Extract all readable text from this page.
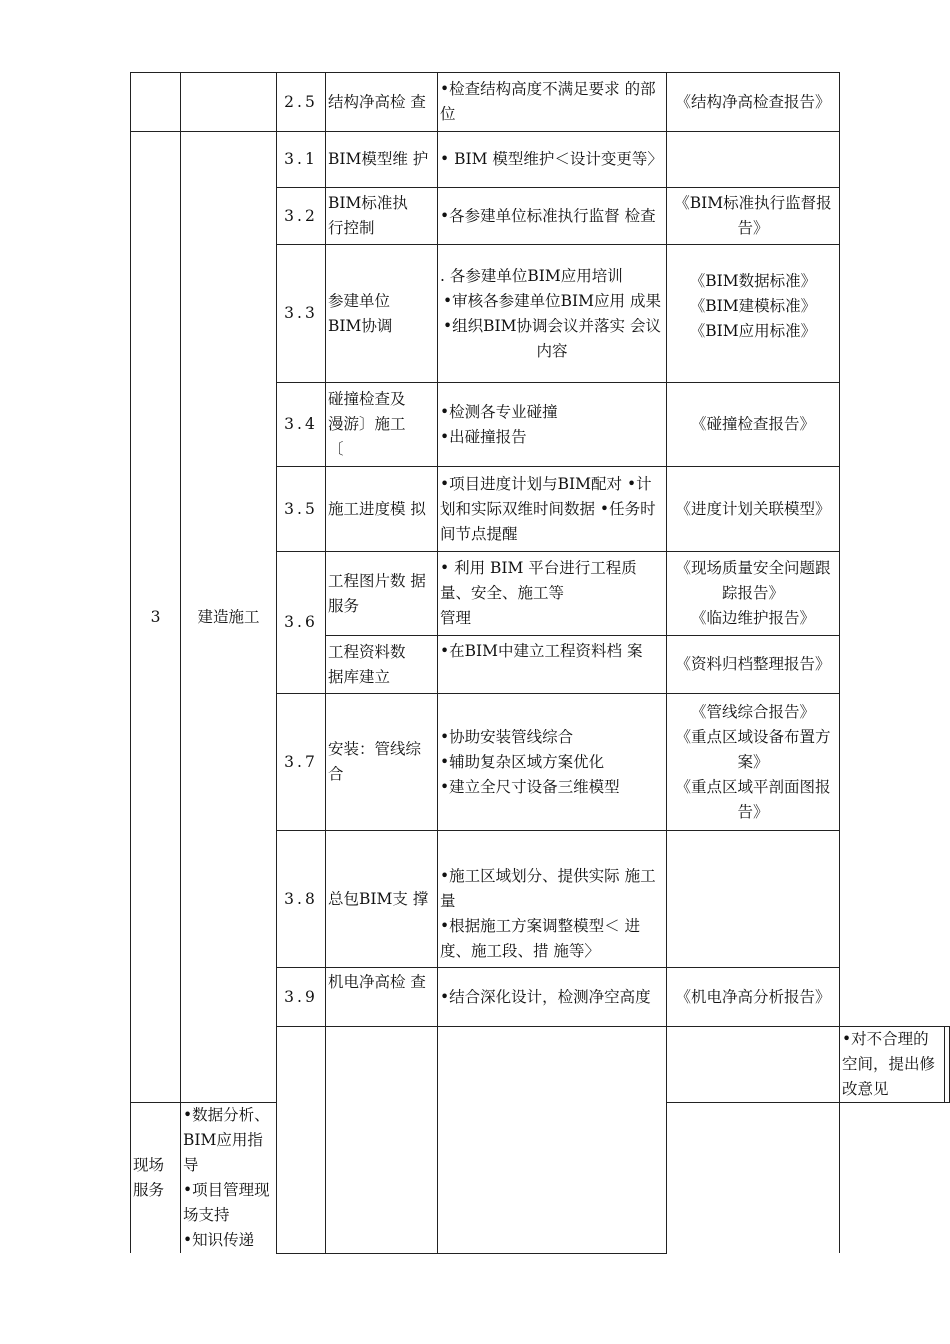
		2.5	结构净高检 查	•检查结构高度不满足要求 的部位	《结构净高检查报告》		

3	建造施工	3.1	BIM模型维 护	• BIM 模型维护＜设计变更等〉			

		3.2	BIM标准执
行控制	•各参建单位标准执行监督 检查	《BIM标准执行监督报告》		

		3.3	参建单位
BIM协调	. 各参建单位BIM应用培训
•审核各参建单位BIM应用 成果
•组织BIM协调会议并落实 会议内容	《BIM数据标准》
《BIM建模标准》
《BIM应用标准》		

		3.4	碰撞检查及
漫游〕施工
〔	•检测各专业碰撞
•出碰撞报告	《碰撞检查报告》		

		3.5	施工进度模 拟	•项目进度计划与BIM配对 •计划和实际双维时间数据 •任务时间节点提醒	《进度计划关联模型》		

		3.6	工程图片数 据服务	• 利用 BIM 平台进行工程质量、安全、施工等
管理	《现场质量安全问题跟踪报告》
《临边维护报告》		

			工程资料数
据库建立	•在BIM中建立工程资料档 案	《资料归档整理报告》		

		3.7	安装：管线综合	•协助安装管线综合
•辅助复杂区域方案优化
•建立全尺寸设备三维模型	《管线综合报告》
《重点区域设备布置方案》
《重点区域平剖面图报告》		

		3.8	总包BIM支 撑	•施工区域划分、提供实际 施工量
•根据施工方案调整模型＜ 进度、施工段、措 施等〉			

		3.9	机电净高检 查	•结合深化设计，检测净空高度	《机电净高分析报告》		

						•对不合理的空间，提出修改意见	

现场服务	•数据分析、BIM应用指导
•项目管理现场支持
•知识传递						
